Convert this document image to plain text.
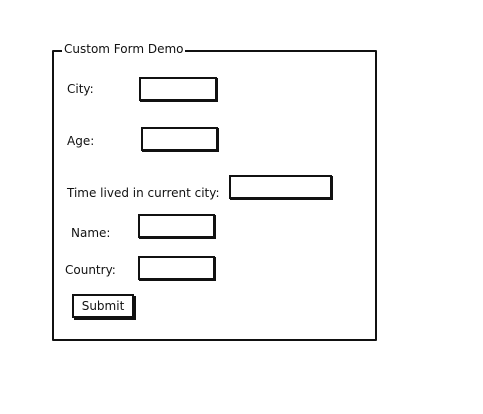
Custom Form Demo
City:
Age:
Time lived in current city:
Name:
Country:
Submit
